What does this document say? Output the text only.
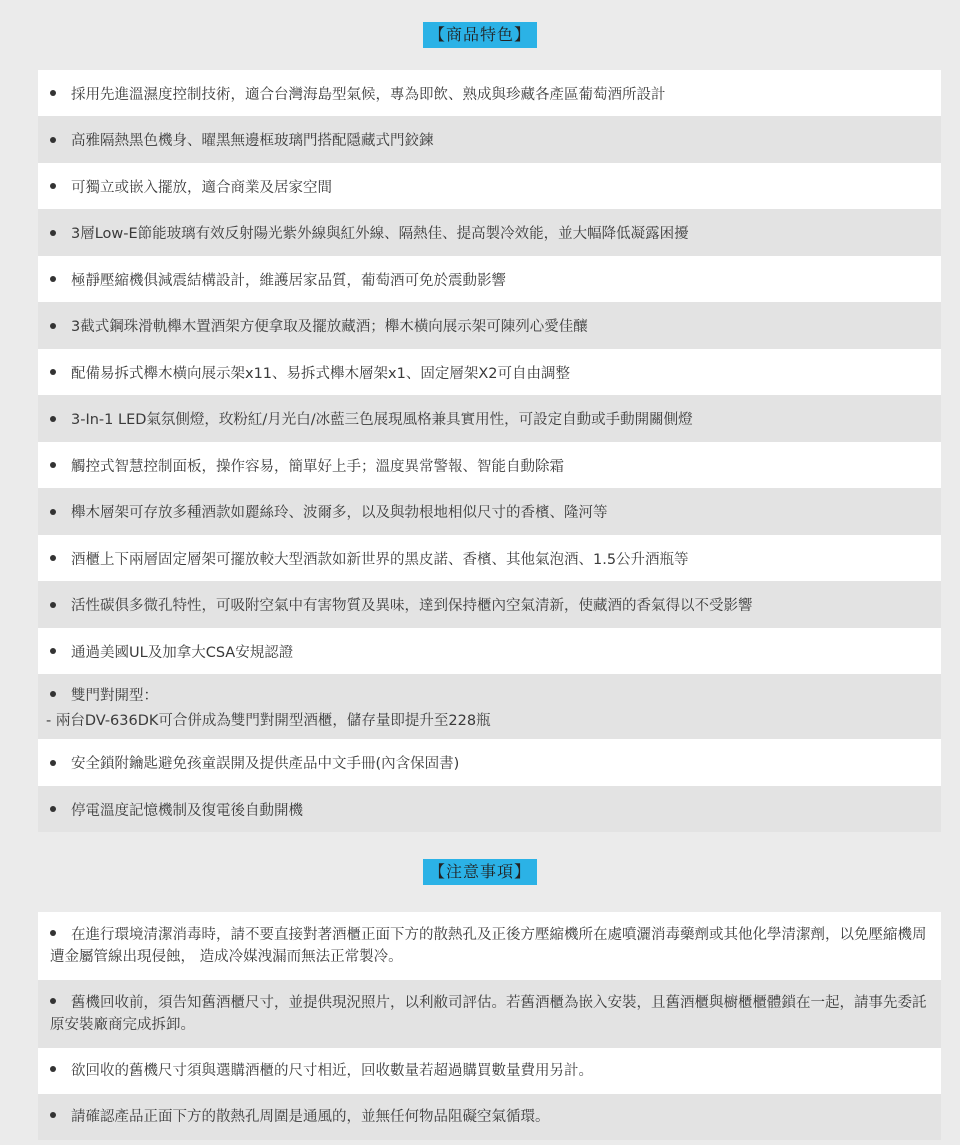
【商品特色】
採用先進溫濕度控制技術，適合台灣海島型氣候，專為即飲、熟成與珍藏各產區葡萄酒所設計
高雅隔熱黑色機身、曜黑無邊框玻璃門搭配隱藏式門鉸鍊
可獨立或嵌入擺放，適合商業及居家空間
3層Low-E節能玻璃有效反射陽光紫外線與紅外線、隔熱佳、提高製冷效能，並大幅降低凝露困擾
極靜壓縮機俱減震結構設計，維護居家品質，葡萄酒可免於震動影響
3截式鋼珠滑軌櫸木置酒架方便拿取及擺放藏酒；櫸木橫向展示架可陳列心愛佳釀
配備易拆式櫸木橫向展示架x11、易拆式櫸木層架x1、固定層架X2可自由調整
3-In-1 LED氣氛側燈，玫粉紅/月光白/冰藍三色展現風格兼具實用性，可設定自動或手動開關側燈
觸控式智慧控制面板，操作容易，簡單好上手；溫度異常警報、智能自動除霜
櫸木層架可存放多種酒款如麗絲玲、波爾多，以及與勃根地相似尺寸的香檳、隆河等
酒櫃上下兩層固定層架可擺放較大型酒款如新世界的黑皮諾、香檳、其他氣泡酒、1.5公升酒瓶等
活性碳俱多微孔特性，可吸附空氣中有害物質及異味，達到保持櫃內空氣清新，使藏酒的香氣得以不受影響
通過美國UL及加拿大CSA安規認證
雙門對開型：
- 兩台DV-636DK可合併成為雙門對開型酒櫃，儲存量即提升至228瓶
安全鎖附鑰匙避免孩童誤開及提供產品中文手冊(內含保固書)
停電溫度記憶機制及復電後自動開機
【注意事項】
在進行環境清潔消毒時，請不要直接對著酒櫃正面下方的散熱孔及正後方壓縮機所在處噴灑消毒藥劑或其他化學清潔劑，以免壓縮機周遭金屬管線出現侵蝕， 造成冷媒洩漏而無法正常製冷。
舊機回收前，須告知舊酒櫃尺寸，並提供現況照片，以利敝司評估。若舊酒櫃為嵌入安裝，且舊酒櫃與櫥櫃櫃體鎖在一起，請事先委託原安裝廠商完成拆卸。
欲回收的舊機尺寸須與選購酒櫃的尺寸相近，回收數量若超過購買數量費用另計。
請確認產品正面下方的散熱孔周圍是通風的，並無任何物品阻礙空氣循環。
